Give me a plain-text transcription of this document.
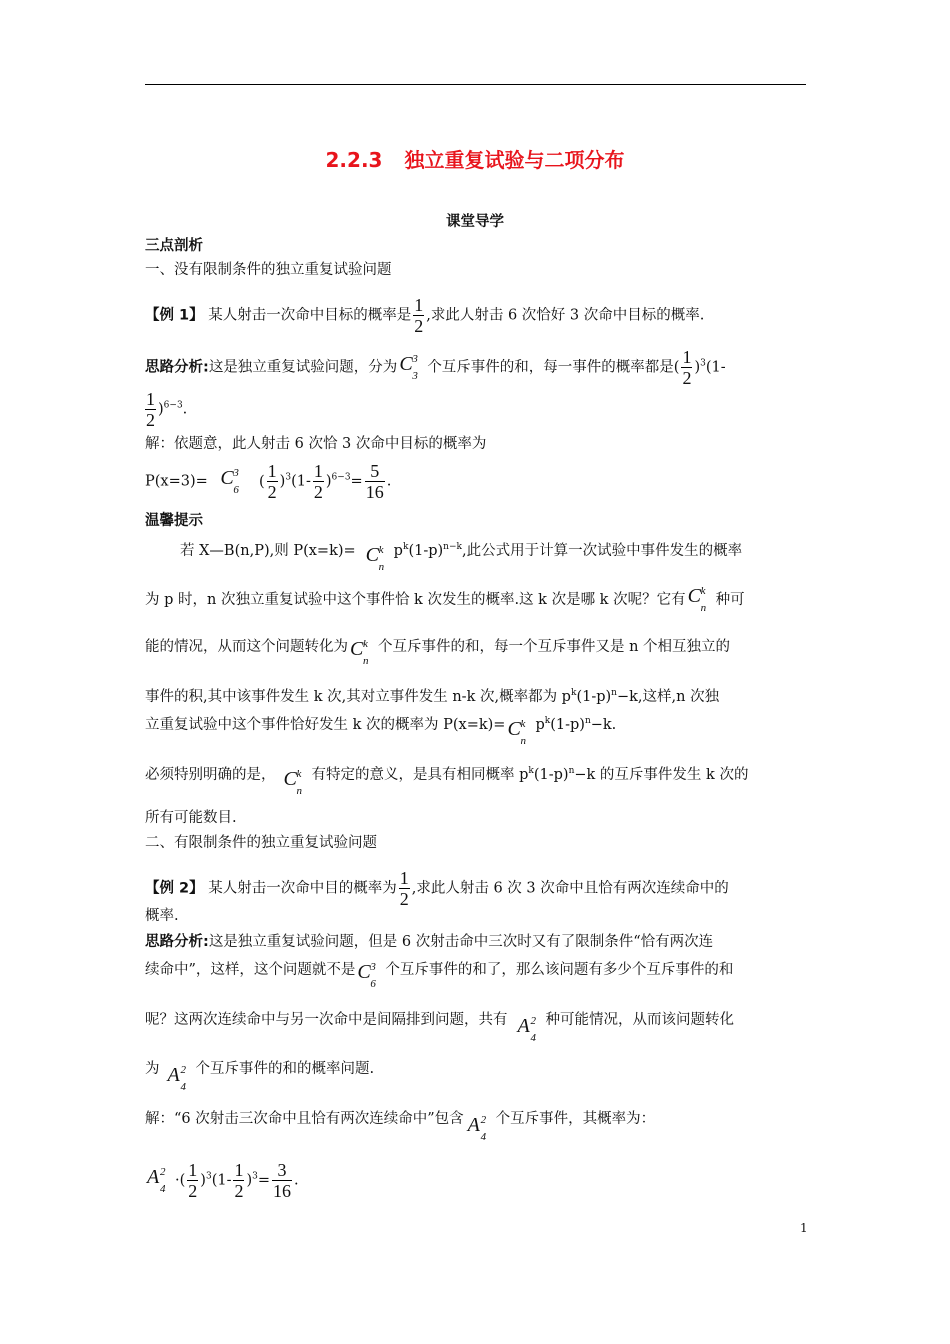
2.2.3 独立重复试验与二项分布
课堂导学
三点剖析
一、没有限制条件的独立重复试验问题
【例 1】 某人射击一次命中目标的概率是 $\frac{1}{2}$ ,求此人射击 6 次恰好 3 次命中目标的概率.
思路分析:这是独立重复试验问题，分为 C 3
3 个互斥事件的和，每一事件的概率都是( $\frac{1}{2} )^3(1-$
$\frac{1}{2} )^{6-3}$.
解：依题意，此人射击 6 次恰 3 次命中目标的概率为
P(x=3)= C 3
6 ( $\frac{1}{2} )^3(1- \frac{1}{2} )^{6-3}= \frac{5}{16}$ .
温馨提示
若 X—B(n,P),则 P(x=k)= C k
n
$p^k(1-p)^{n-k}$,此公式用于计算一次试验中事件发生的概率
为 p 时，n 次独立重复试验中这个事件恰 k 次发生的概率.这 k 次是哪 k 次呢？它有 C k
n 种可
能的情况，从而这个问题转化为 C k
n
个互斥事件的和，每一个互斥事件又是 n 个相互独立的
事件的积,其中该事件发生 k 次,其对立事件发生 n-k 次,概率都为 $p^k(1-p)^n-k$,这样,n 次独
立重复试验中这个事件恰好发生 k 次的概率为 P(x=k)= C k
n
$p^k(1-p)^n-k$.
必须特别明确的是， C k
n
有特定的意义，是具有相同概率 $p^k(1-p)^n-k$ 的互斥事件发生 k 次的
所有可能数目.
二、有限制条件的独立重复试验问题
【例 2】 某人射击一次命中目的概率为 $\frac{1}{2}$ ,求此人射击 6 次 3 次命中且恰有两次连续命中的
概率.
思路分析:这是独立重复试验问题，但是 6 次射击命中三次时又有了限制条件“恰有两次连
续命中”，这样，这个问题就不是 C 3
6
个互斥事件的和了，那么该问题有多少个互斥事件的和
呢？这两次连续命中与另一次命中是间隔排到问题，共有 A 2
4
种可能情况，从而该问题转化
为 A 2
4
个互斥事件的和的概率问题.
解：“6 次射击三次命中且恰有两次连续命中”包含 A 2
4
个互斥事件，其概率为：
A 2
4 ·( $\frac{1}{2} )^3(1- \frac{1}{2} )^3= \frac{3}{16}$ .
1
